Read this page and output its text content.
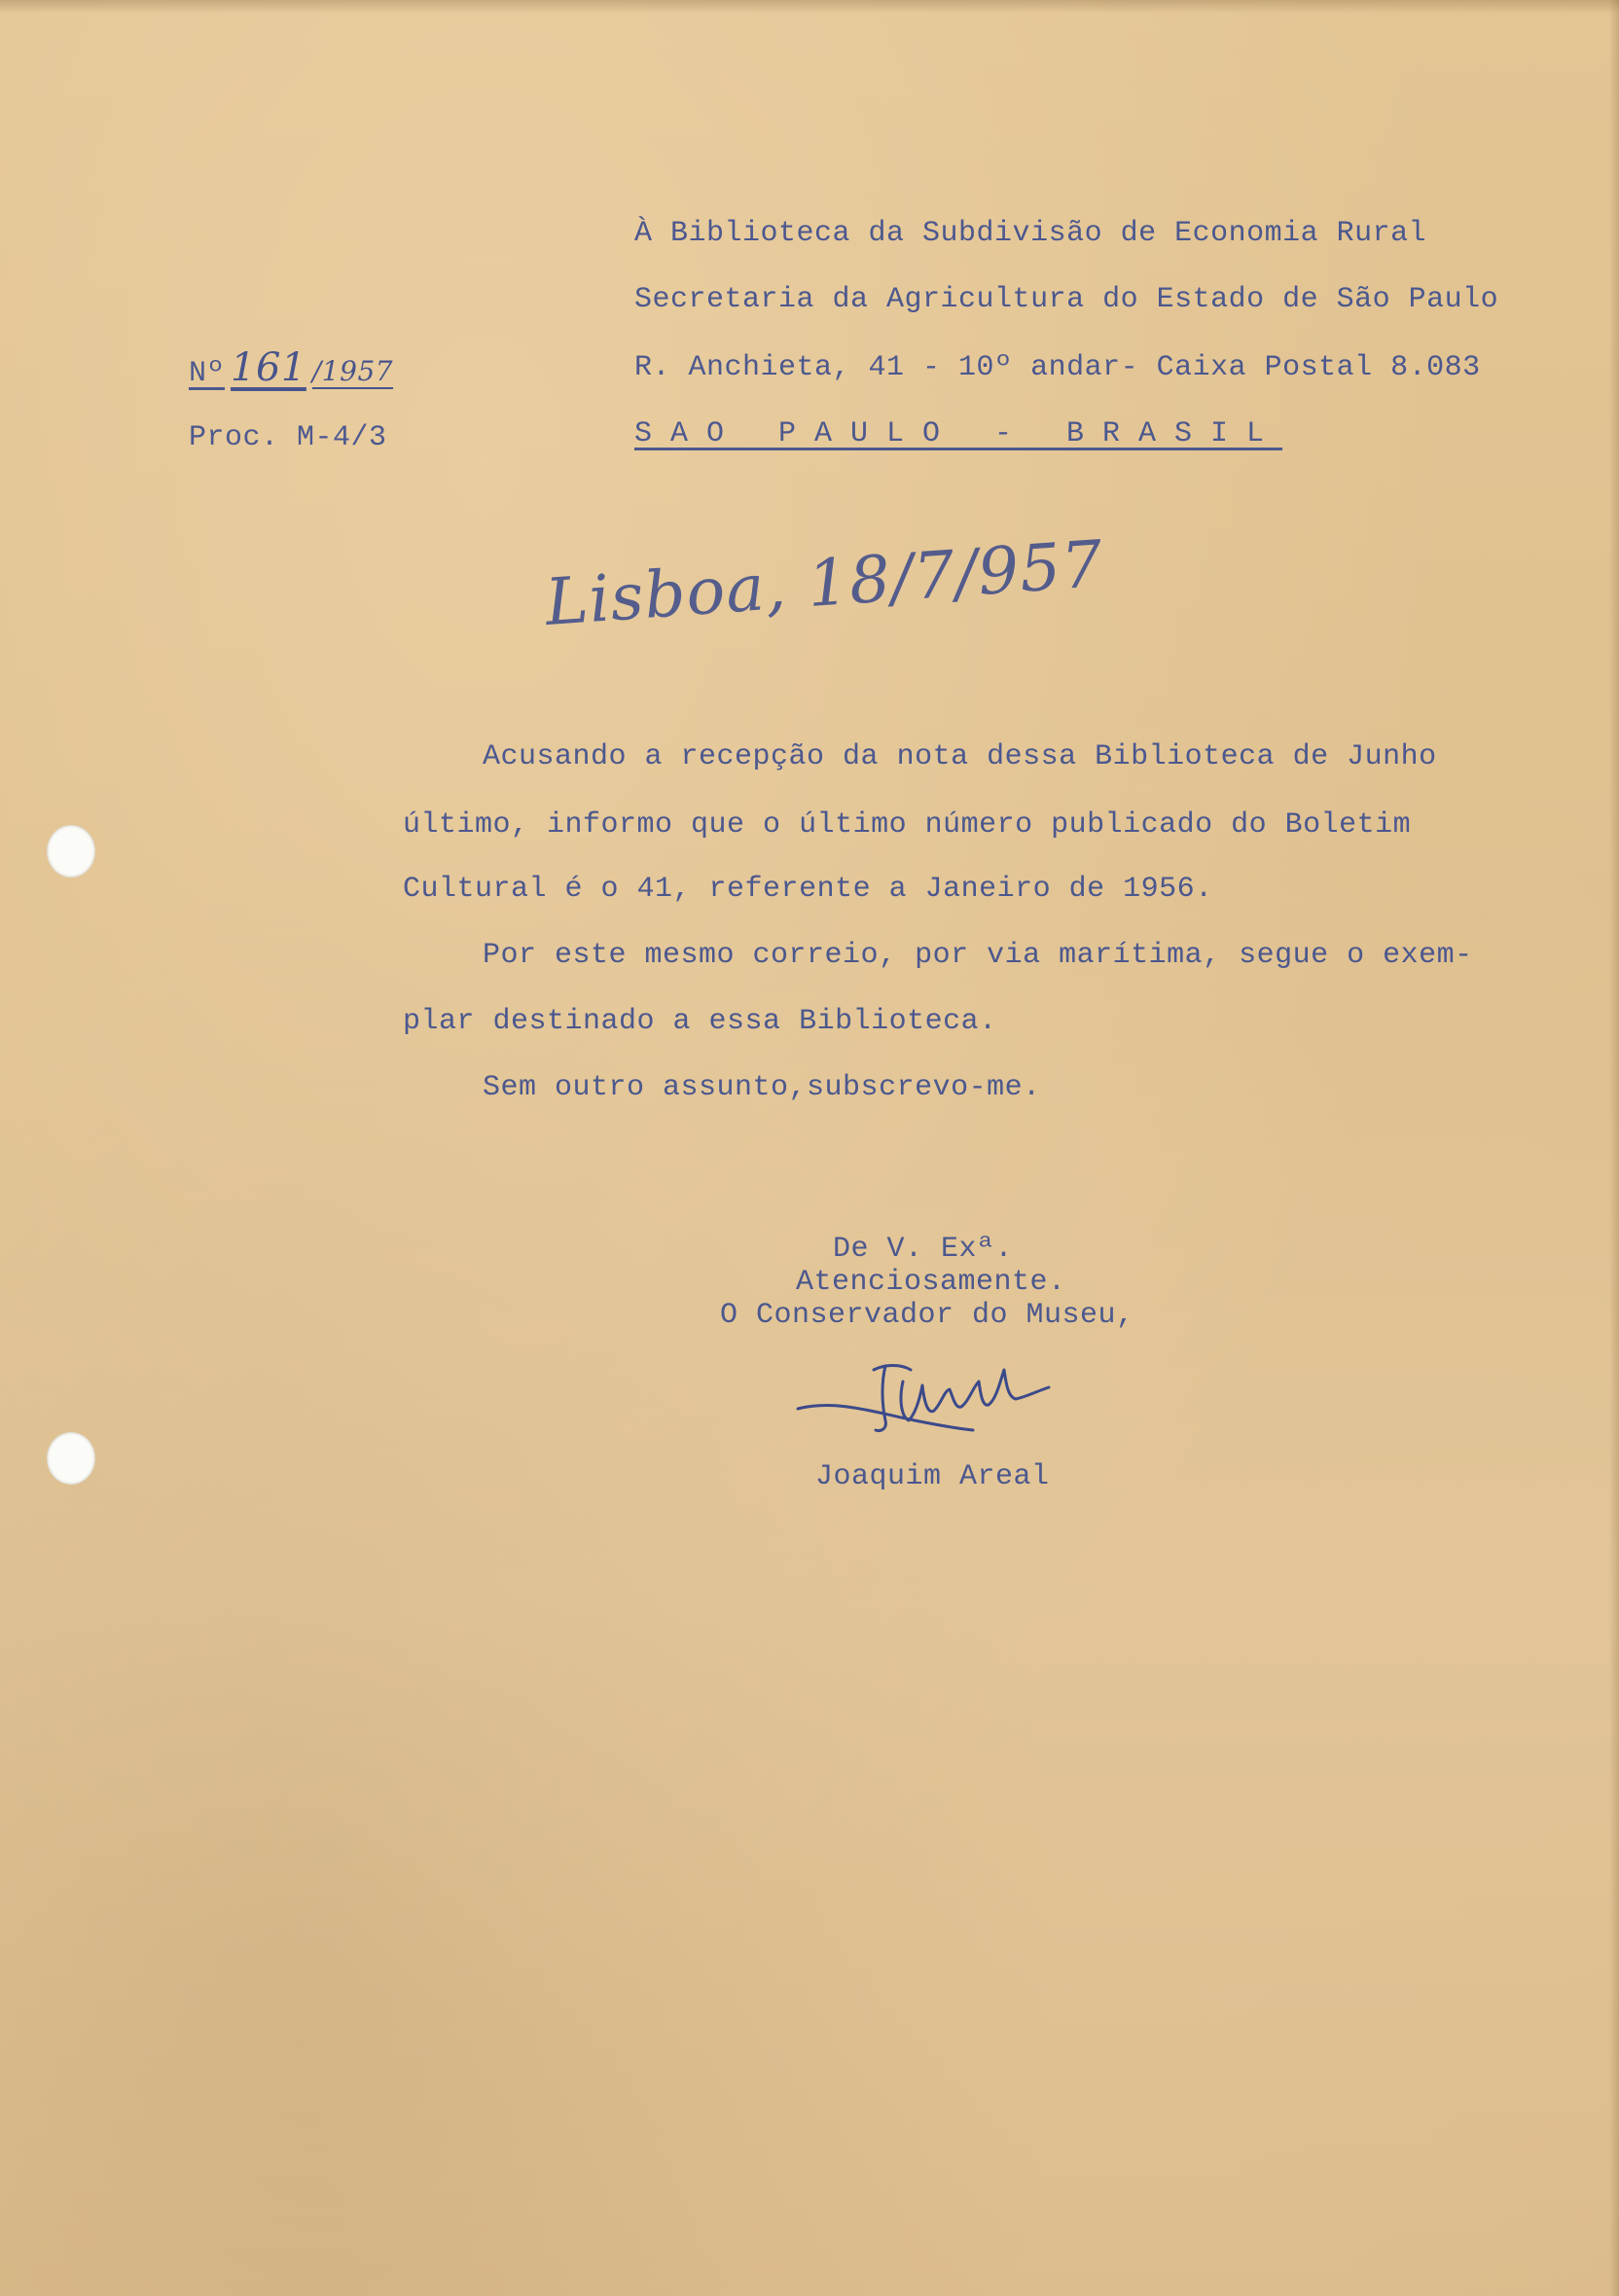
À Biblioteca da Subdivisão de Economia Rural
Secretaria da Agricultura do Estado de São Paulo
R. Anchieta, 41 - 10º andar- Caixa Postal 8.083
SAO PAULO - BRASIL
Nº 161 /1957
Proc. M-4/3
Lisboa, 18/7/957
Acusando a recepção da nota dessa Biblioteca de Junho
último, informo que o último número publicado do Boletim
Cultural é o 41, referente a Janeiro de 1956.
Por este mesmo correio, por via marítima, segue o exem-
plar destinado a essa Biblioteca.
Sem outro assunto,subscrevo-me.
De V. Exª.
Atenciosamente.
O Conservador do Museu,
Joaquim Areal
